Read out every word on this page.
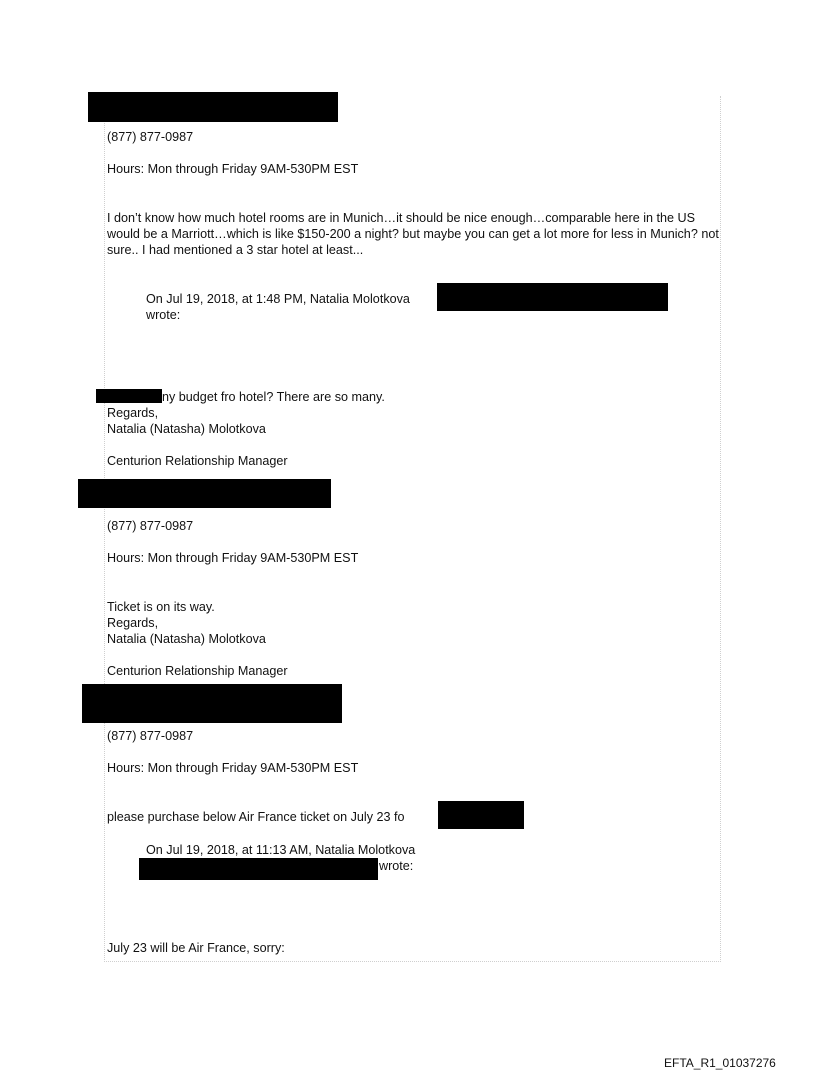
(877) 877-0987
Hours: Mon through Friday 9AM-530PM EST
I don’t know how much hotel rooms are in Munich…it should be nice enough…comparable here in the US would be a Marriott…which is like $150-200 a night? but maybe you can get a lot more for less in Munich? not sure.. I had mentioned a 3 star hotel at least...
On Jul 19, 2018, at 1:48 PM, Natalia Molotkova
wrote:
ny budget fro hotel? There are so many.
Regards,
Natalia (Natasha) Molotkova
Centurion Relationship Manager
(877) 877-0987
Hours: Mon through Friday 9AM-530PM EST
Ticket is on its way.
Regards,
Natalia (Natasha) Molotkova
Centurion Relationship Manager
(877) 877-0987
Hours: Mon through Friday 9AM-530PM EST
please purchase below Air France ticket on July 23 fo
On Jul 19, 2018, at 11:13 AM, Natalia Molotkova
wrote:
July 23 will be Air France, sorry:
EFTA_R1_01037276
